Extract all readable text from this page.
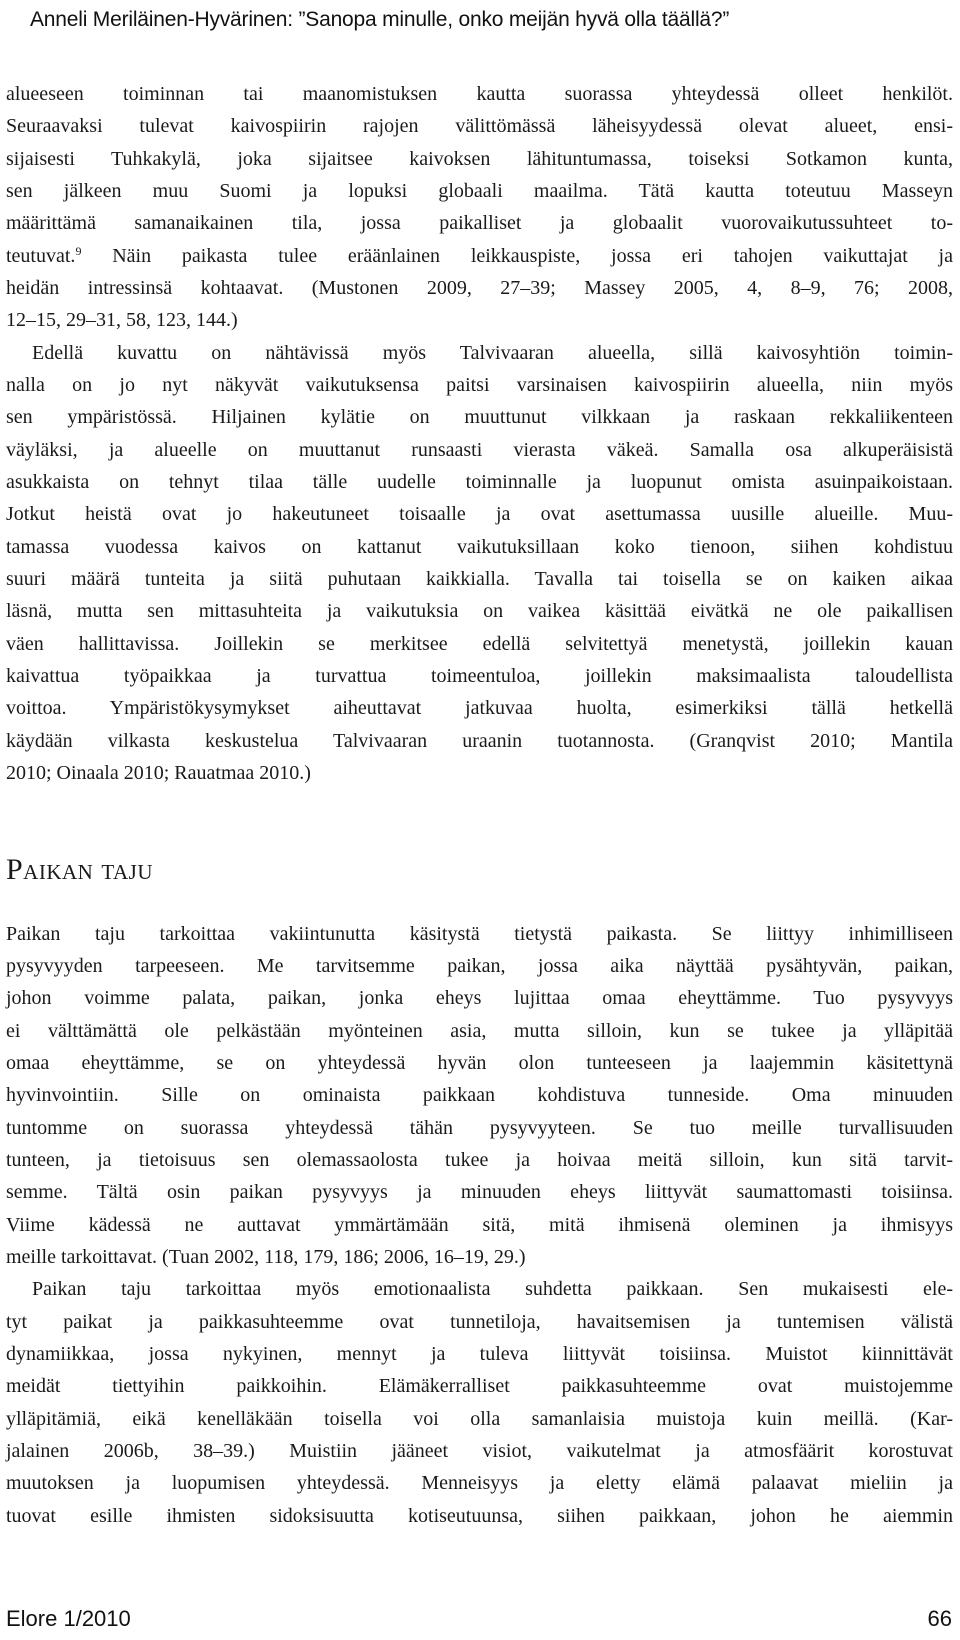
Anneli Meriläinen-Hyvärinen: ”Sanopa minulle, onko meijän hyvä olla täällä?”
alueeseen toiminnan tai maanomistuksen kautta suorassa yhteydessä olleet henkilöt.
Seuraavaksi tulevat kaivospiirin rajojen välittömässä läheisyydessä olevat alueet, ensi-
sijaisesti Tuhkakylä, joka sijaitsee kaivoksen lähituntumassa, toiseksi Sotkamon kunta,
sen jälkeen muu Suomi ja lopuksi globaali maailma. Tätä kautta toteutuu Masseyn
määrittämä samanaikainen tila, jossa paikalliset ja globaalit vuorovaikutussuhteet to-
teutuvat.$^9$ Näin paikasta tulee eräänlainen leikkauspiste, jossa eri tahojen vaikuttajat ja
heidän intressinsä kohtaavat. (Mustonen 2009, 27–39; Massey 2005, 4, 8–9, 76; 2008,
12–15, 29–31, 58, 123, 144.)
Edellä kuvattu on nähtävissä myös Talvivaaran alueella, sillä kaivosyhtiön toimin-
nalla on jo nyt näkyvät vaikutuksensa paitsi varsinaisen kaivospiirin alueella, niin myös
sen ympäristössä. Hiljainen kylätie on muuttunut vilkkaan ja raskaan rekkaliikenteen
väyläksi, ja alueelle on muuttanut runsaasti vierasta väkeä. Samalla osa alkuperäisistä
asukkaista on tehnyt tilaa tälle uudelle toiminnalle ja luopunut omista asuinpaikoistaan.
Jotkut heistä ovat jo hakeutuneet toisaalle ja ovat asettumassa uusille alueille. Muu-
tamassa vuodessa kaivos on kattanut vaikutuksillaan koko tienoon, siihen kohdistuu
suuri määrä tunteita ja siitä puhutaan kaikkialla. Tavalla tai toisella se on kaiken aikaa
läsnä, mutta sen mittasuhteita ja vaikutuksia on vaikea käsittää eivätkä ne ole paikallisen
väen hallittavissa. Joillekin se merkitsee edellä selvitettyä menetystä, joillekin kauan
kaivattua työpaikkaa ja turvattua toimeentuloa, joillekin maksimaalista taloudellista
voittoa. Ympäristökysymykset aiheuttavat jatkuvaa huolta, esimerkiksi tällä hetkellä
käydään vilkasta keskustelua Talvivaaran uraanin tuotannosta. (Granqvist 2010; Mantila
2010; Oinaala 2010; Rauatmaa 2010.)
Paikan taju
Paikan taju tarkoittaa vakiintunutta käsitystä tietystä paikasta. Se liittyy inhimilliseen
pysyvyyden tarpeeseen. Me tarvitsemme paikan, jossa aika näyttää pysähtyvän, paikan,
johon voimme palata, paikan, jonka eheys lujittaa omaa eheyttämme. Tuo pysyvyys
ei välttämättä ole pelkästään myönteinen asia, mutta silloin, kun se tukee ja ylläpitää
omaa eheyttämme, se on yhteydessä hyvän olon tunteeseen ja laajemmin käsitettynä
hyvinvointiin. Sille on ominaista paikkaan kohdistuva tunneside. Oma minuuden
tuntomme on suorassa yhteydessä tähän pysyvyyteen. Se tuo meille turvallisuuden
tunteen, ja tietoisuus sen olemassaolosta tukee ja hoivaa meitä silloin, kun sitä tarvit-
semme. Tältä osin paikan pysyvyys ja minuuden eheys liittyvät saumattomasti toisiinsa.
Viime kädessä ne auttavat ymmärtämään sitä, mitä ihmisenä oleminen ja ihmisyys
meille tarkoittavat. (Tuan 2002, 118, 179, 186; 2006, 16–19, 29.)
Paikan taju tarkoittaa myös emotionaalista suhdetta paikkaan. Sen mukaisesti ele-
tyt paikat ja paikkasuhteemme ovat tunnetiloja, havaitsemisen ja tuntemisen välistä
dynamiikkaa, jossa nykyinen, mennyt ja tuleva liittyvät toisiinsa. Muistot kiinnittävät
meidät tiettyihin paikkoihin. Elämäkerralliset paikkasuhteemme ovat muistojemme
ylläpitämiä, eikä kenelläkään toisella voi olla samanlaisia muistoja kuin meillä. (Kar-
jalainen 2006b, 38–39.) Muistiin jääneet visiot, vaikutelmat ja atmosfäärit korostuvat
muutoksen ja luopumisen yhteydessä. Menneisyys ja eletty elämä palaavat mieliin ja
tuovat esille ihmisten sidoksisuutta kotiseutuunsa, siihen paikkaan, johon he aiemmin
Elore 1/2010	66
